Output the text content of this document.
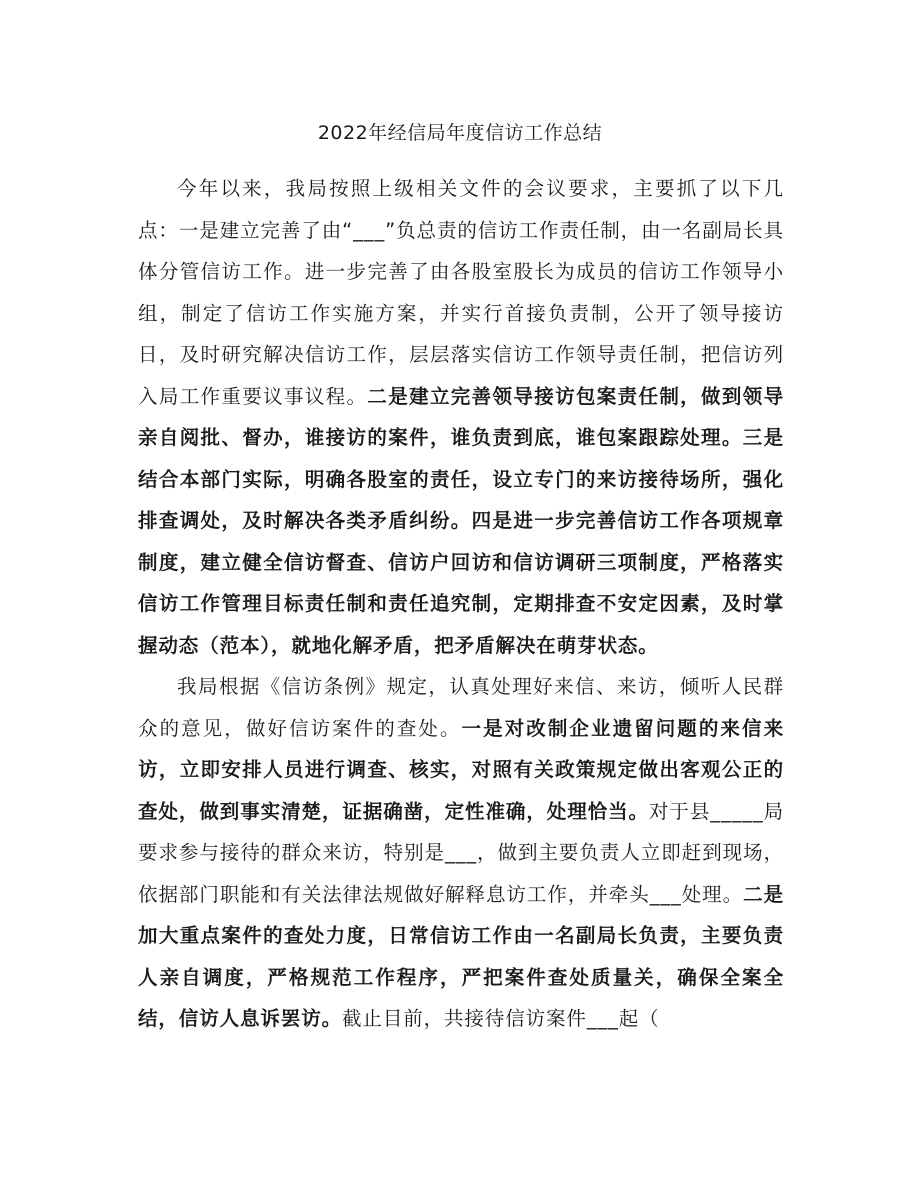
2022年经信局年度信访工作总结

今年以来，我局按照上级相关文件的会议要求，主要抓了以下几点：一是建立完善了由“___”负总责的信访工作责任制，由一名副局长具体分管信访工作。进一步完善了由各股室股长为成员的信访工作领导小组，制定了信访工作实施方案，并实行首接负责制，公开了领导接访日，及时研究解决信访工作，层层落实信访工作领导责任制，把信访列入局工作重要议事议程。二是建立完善领导接访包案责任制，做到领导亲自阅批、督办，谁接访的案件，谁负责到底，谁包案跟踪处理。三是结合本部门实际，明确各股室的责任，设立专门的来访接待场所，强化排查调处，及时解决各类矛盾纠纷。四是进一步完善信访工作各项规章制度，建立健全信访督查、信访户回访和信访调研三项制度，严格落实信访工作管理目标责任制和责任追究制，定期排查不安定因素，及时掌握动态（范本），就地化解矛盾，把矛盾解决在萌芽状态。

我局根据《信访条例》规定，认真处理好来信、来访，倾听人民群众的意见，做好信访案件的查处。一是对改制企业遗留问题的来信来访，立即安排人员进行调查、核实，对照有关政策规定做出客观公正的查处，做到事实清楚，证据确凿，定性准确，处理恰当。对于县_____局要求参与接待的群众来访，特别是___，做到主要负责人立即赶到现场，依据部门职能和有关法律法规做好解释息访工作，并牵头___处理。二是加大重点案件的查处力度，日常信访工作由一名副局长负责，主要负责人亲自调度，严格规范工作程序，严把案件查处质量关，确保全案全结，信访人息诉罢访。截止目前，共接待信访案件___起（
